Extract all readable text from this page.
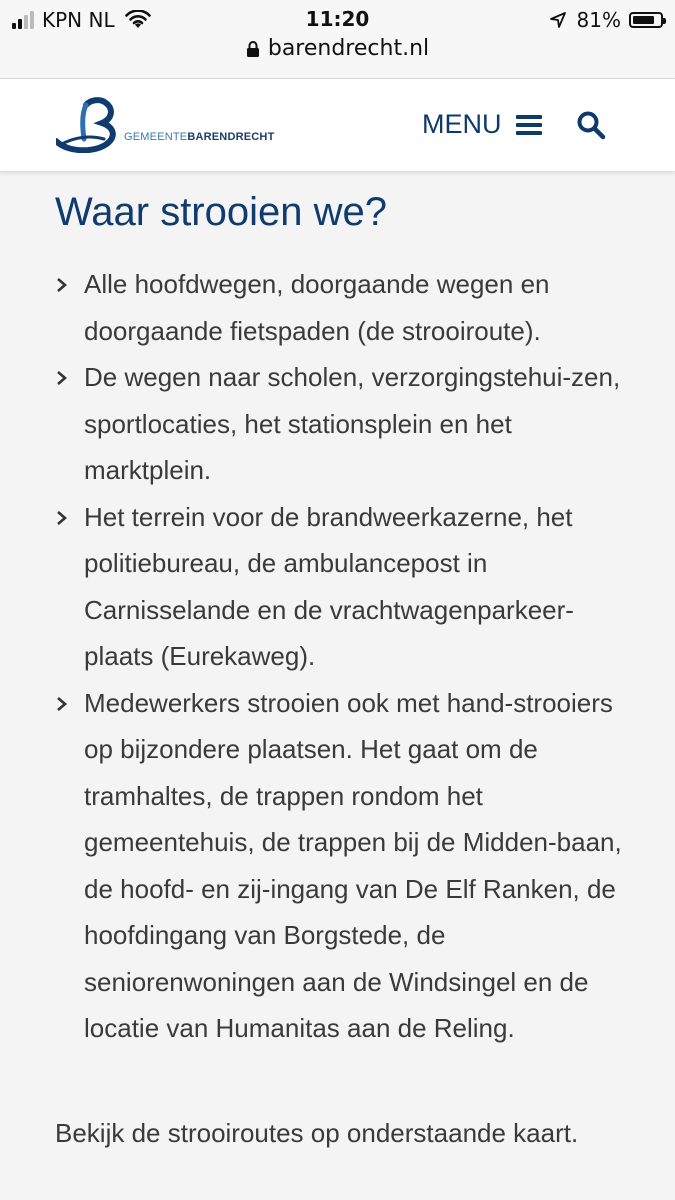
KPN NL	11:20	81%
barendrecht.nl
GEMEENTEBARENDRECHT	MENU
Waar strooien we?
Alle hoofdwegen, doorgaande wegen en doorgaande fietspaden (de strooiroute).
De wegen naar scholen, verzorgingstehui-zen, sportlocaties, het stationsplein en het marktplein.
Het terrein voor de brandweerkazerne, het politiebureau, de ambulancepost in Carnisselande en de vrachtwagenparkeer-plaats (Eurekaweg).
Medewerkers strooien ook met hand-strooiers op bijzondere plaatsen. Het gaat om de tramhaltes, de trappen rondom het gemeentehuis, de trappen bij de Midden-baan, de hoofd- en zij-ingang van De Elf Ranken, de hoofdingang van Borgstede, de seniorenwoningen aan de Windsingel en de locatie van Humanitas aan de Reling.

Bekijk de strooiroutes op onderstaande kaart.
